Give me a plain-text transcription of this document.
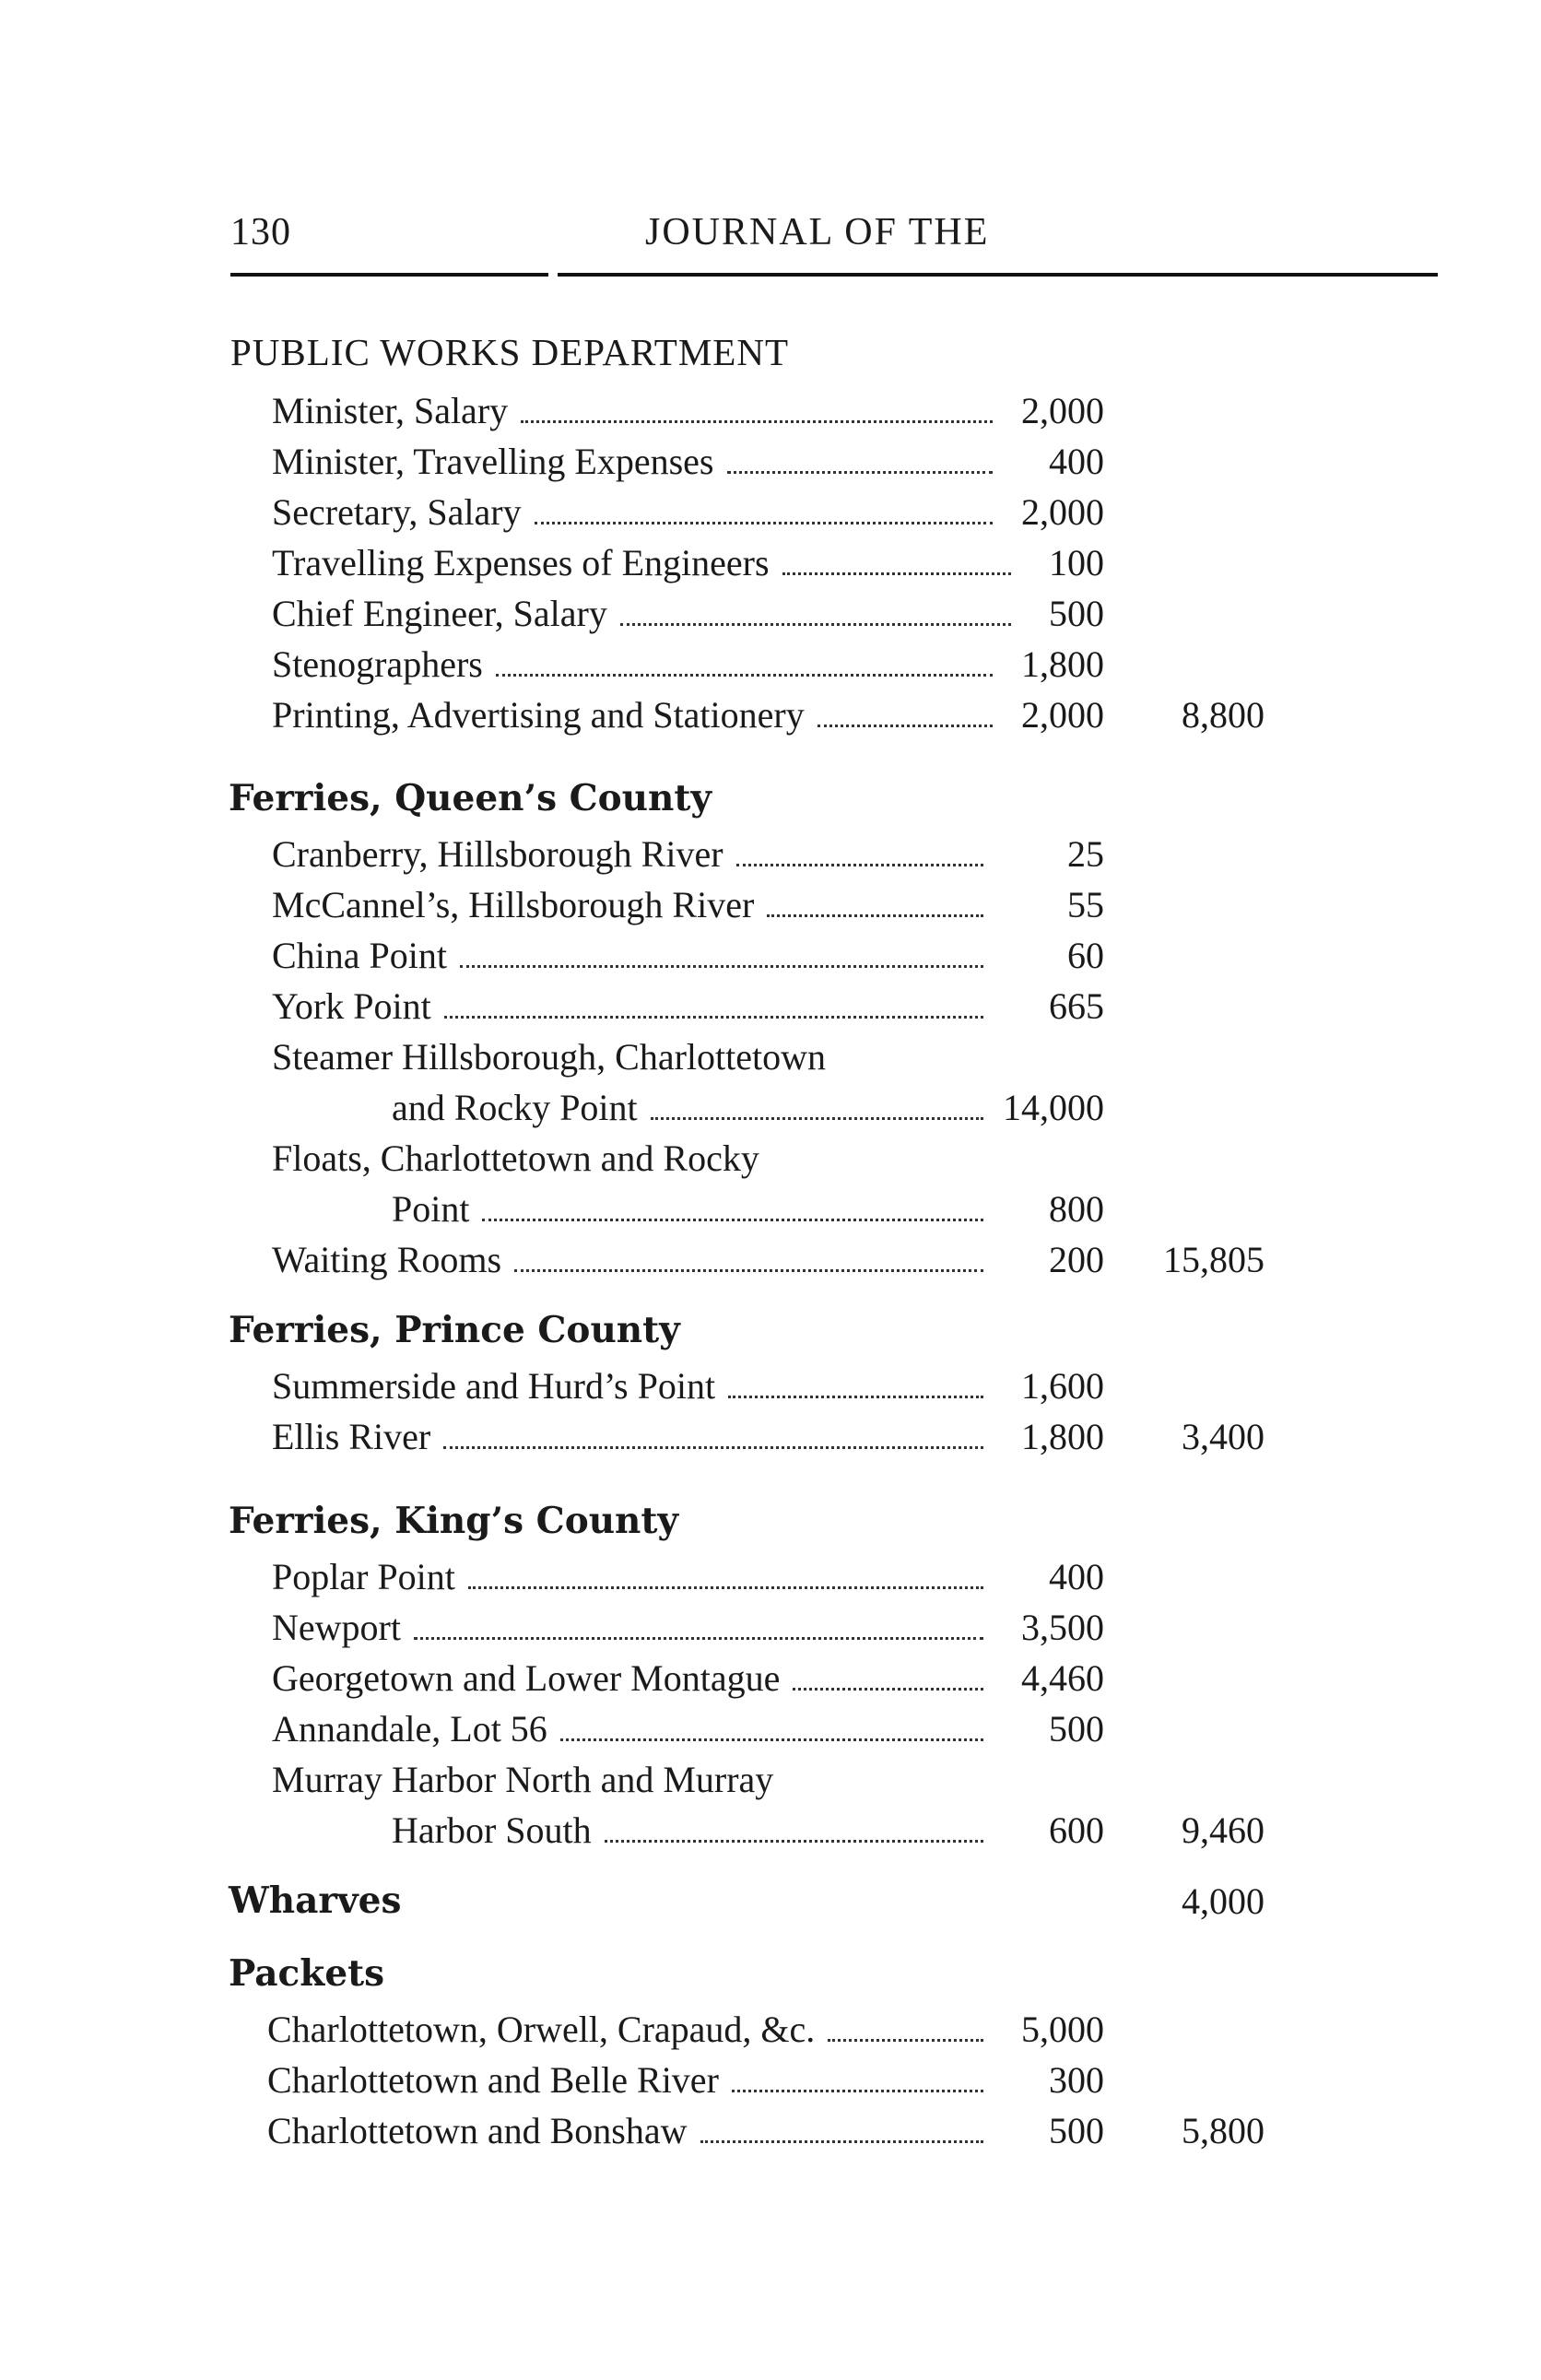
130	JOURNAL OF THE
PUBLIC WORKS DEPARTMENT
Minister, Salary	2,000
Minister, Travelling Expenses	400
Secretary, Salary	2,000
Travelling Expenses of Engineers	100
Chief Engineer, Salary	500
Stenographers	1,800
Printing, Advertising and Stationery	2,000	8,800
Ferries, Queen’s County
Cranberry, Hillsborough River	25
McCannel’s, Hillsborough River	55
China Point	60
York Point	665
Steamer Hillsborough, Charlottetown
and Rocky Point	14,000
Floats, Charlottetown and Rocky
Point	800
Waiting Rooms	200	15,805
Ferries, Prince County
Summerside and Hurd’s Point	1,600
Ellis River	1,800	3,400
Ferries, King’s County
Poplar Point	400
Newport	3,500
Georgetown and Lower Montague	4,460
Annandale, Lot 56	500
Murray Harbor North and Murray
Harbor South	600	9,460
Wharves	4,000
Packets
Charlottetown, Orwell, Crapaud, &c.	5,000
Charlottetown and Belle River	300
Charlottetown and Bonshaw	500	5,800
